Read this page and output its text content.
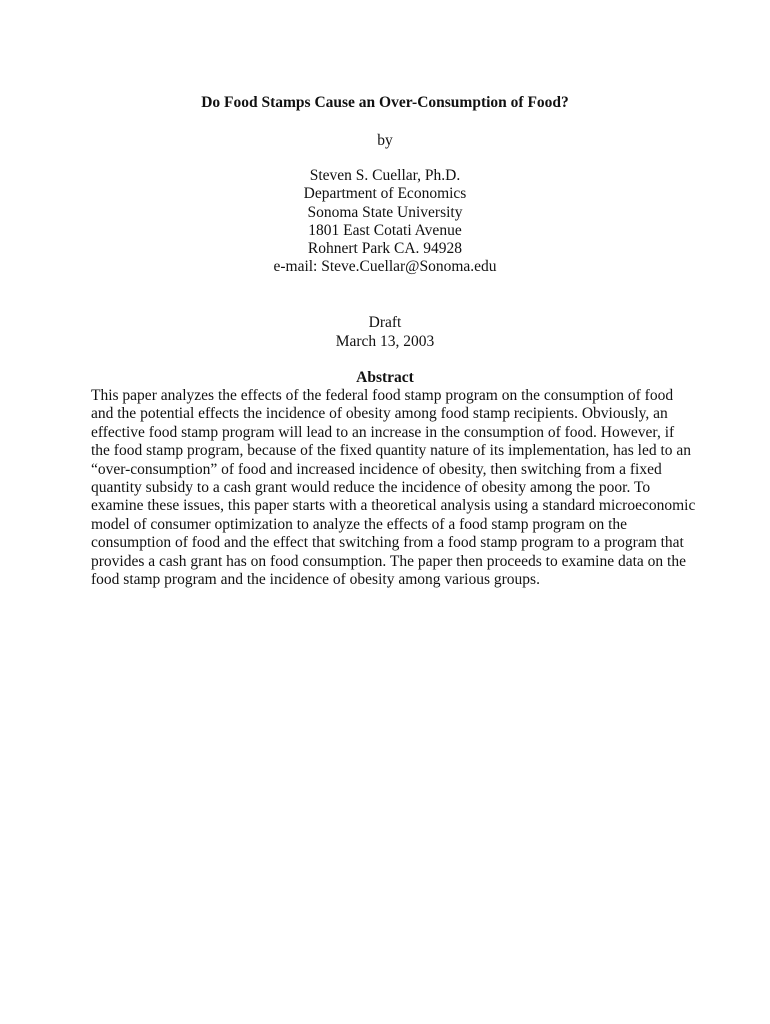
Do Food Stamps Cause an Over-Consumption of Food?
by
Steven S. Cuellar, Ph.D.
Department of Economics
Sonoma State University
1801 East Cotati Avenue
Rohnert Park CA. 94928
e-mail: Steve.Cuellar@Sonoma.edu
Draft
March 13, 2003
Abstract
This paper analyzes the effects of the federal food stamp program on the consumption of food
and the potential effects the incidence of obesity among food stamp recipients. Obviously, an
effective food stamp program will lead to an increase in the consumption of food. However, if
the food stamp program, because of the fixed quantity nature of its implementation, has led to an
“over-consumption” of food and increased incidence of obesity, then switching from a fixed
quantity subsidy to a cash grant would reduce the incidence of obesity among the poor. To
examine these issues, this paper starts with a theoretical analysis using a standard microeconomic
model of consumer optimization to analyze the effects of a food stamp program on the
consumption of food and the effect that switching from a food stamp program to a program that
provides a cash grant has on food consumption. The paper then proceeds to examine data on the
food stamp program and the incidence of obesity among various groups.
